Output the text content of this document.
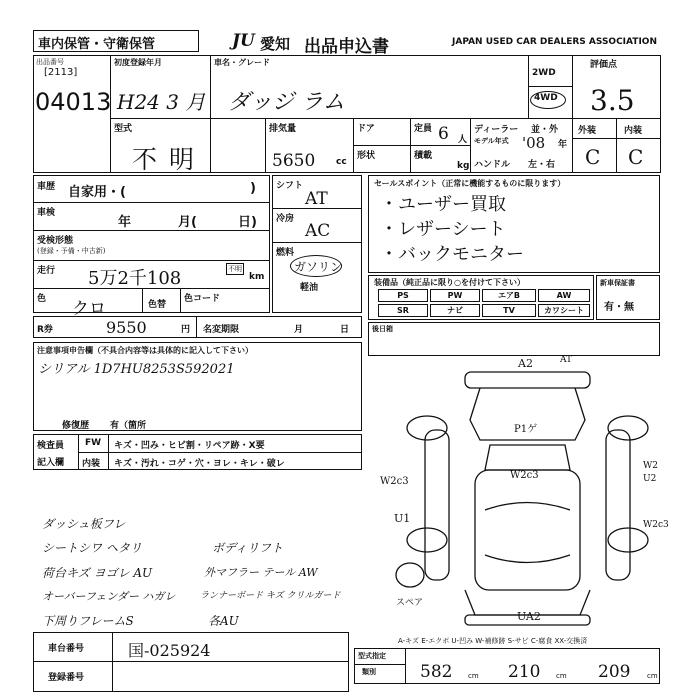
車内保管・守衛保管	JU 愛知 出品申込書	JAPAN USED CAR DEALERS ASSOCIATION
出品番号
[2113]
04013
初度登録年月
H24 3 月
車名・グレード
ダッジ ラム
2WD
4WD
評価点
3.5
外装	内装
C C
型式
不明
排気量
5650 cc
ドア
形状
定員 6 人
積載
kg
ディーラー 並・外
モデル年式 '08 年
ハンドル 左・右
車歴 自家用・(	)
車検
年	月(	日)
受検形態
(登録・予備・中古新)
走行 5万2千108	km
不明
色 クロ	色替
色コード
シフト
AT
冷房
AC
燃料
ガソリン
軽油
セールスポイント（正常に機能するものに限ります）
・ユーザー買取
・レザーシート
・バックモニター
装備品（純正品に限り○を付けて下さい）
PS	PW	エアB	AW
SR	ナビ	TV	カワシート
新車保証書
有・無
R券	9550	円 名変期限	月	日	後日箱
注意事項申告欄（不具合内容等は具体的に記入して下さい）
シリアル 1D7HU8253S592021
修復歴 有（箇所
検査員
記入欄
FW キズ・凹み・ヒビ割・リペア跡・X要
内装 キズ・汚れ・コゲ・穴・ヨレ・キレ・破レ
ダッシュ板フレ
シートシワ ヘタリ
荷台キズ ヨゴレ AU
オーバーフェンダー ハガレ
下周りフレームS
ボディリフト
外マフラー テール AW
ランナーボード キズ クリルガード
各AU
車台番号	国-025924
登録番号
A-キズ E-エクボ U-凹み W-補修跡 S-サビ C-腐食 XX-交換済
型式指定
類別	582 cm 210 cm 209 cm
A2	AT
P1ゲ
W2c3
W2c3
W2 U2
W2c3
U1
UA2
スペア
